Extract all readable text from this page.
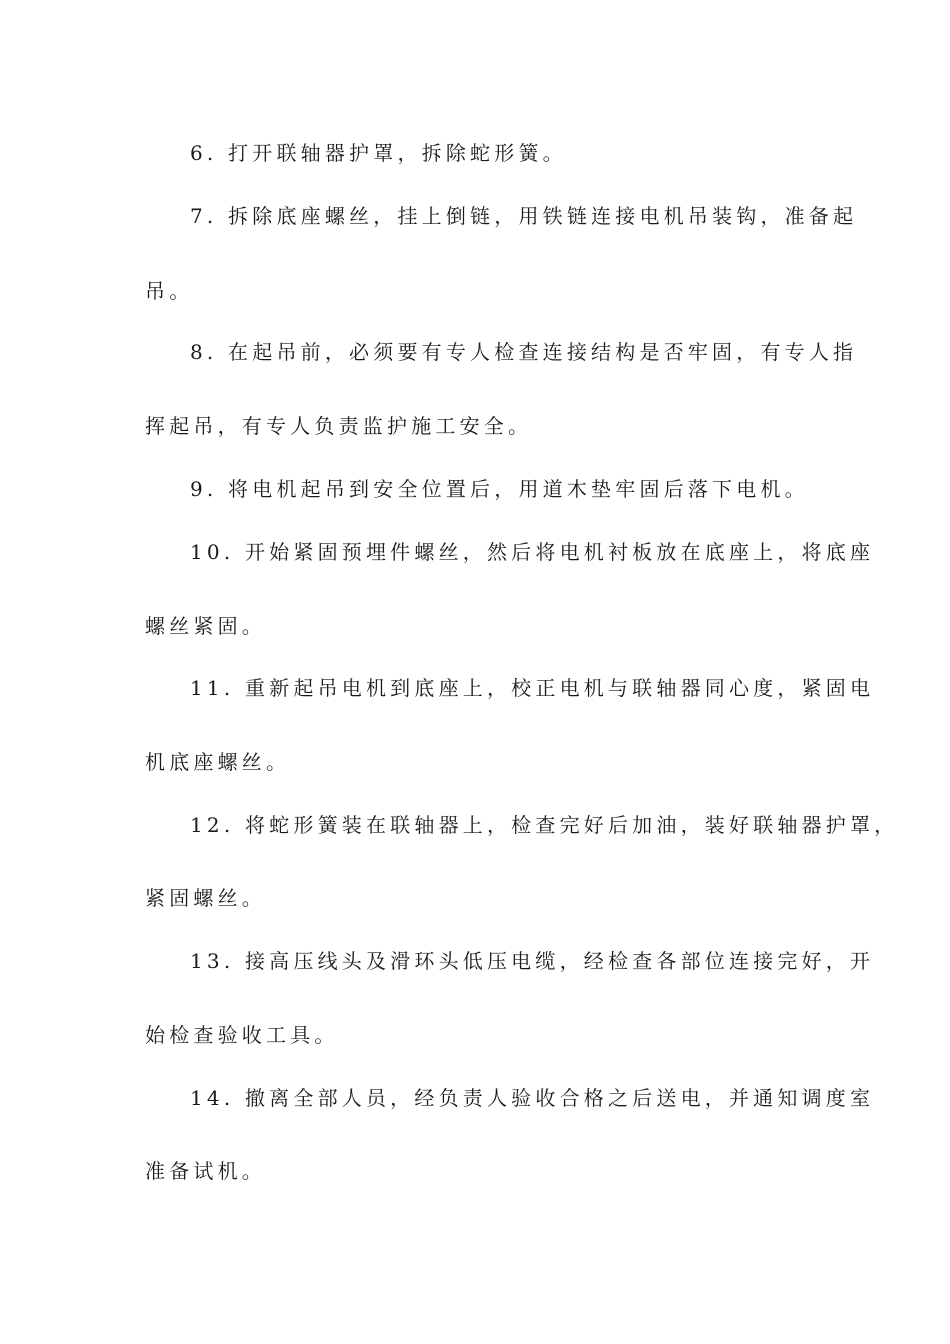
6. 打开联轴器护罩，拆除蛇形簧。
7. 拆除底座螺丝，挂上倒链，用铁链连接电机吊装钩，准备起
吊。
8. 在起吊前，必须要有专人检查连接结构是否牢固，有专人指
挥起吊，有专人负责监护施工安全。
9. 将电机起吊到安全位置后，用道木垫牢固后落下电机。
10. 开始紧固预埋件螺丝，然后将电机衬板放在底座上，将底座
螺丝紧固。
11. 重新起吊电机到底座上，校正电机与联轴器同心度，紧固电
机底座螺丝。
12. 将蛇形簧装在联轴器上，检查完好后加油，装好联轴器护罩，
紧固螺丝。
13. 接高压线头及滑环头低压电缆，经检查各部位连接完好，开
始检查验收工具。
14. 撤离全部人员，经负责人验收合格之后送电，并通知调度室
准备试机。
